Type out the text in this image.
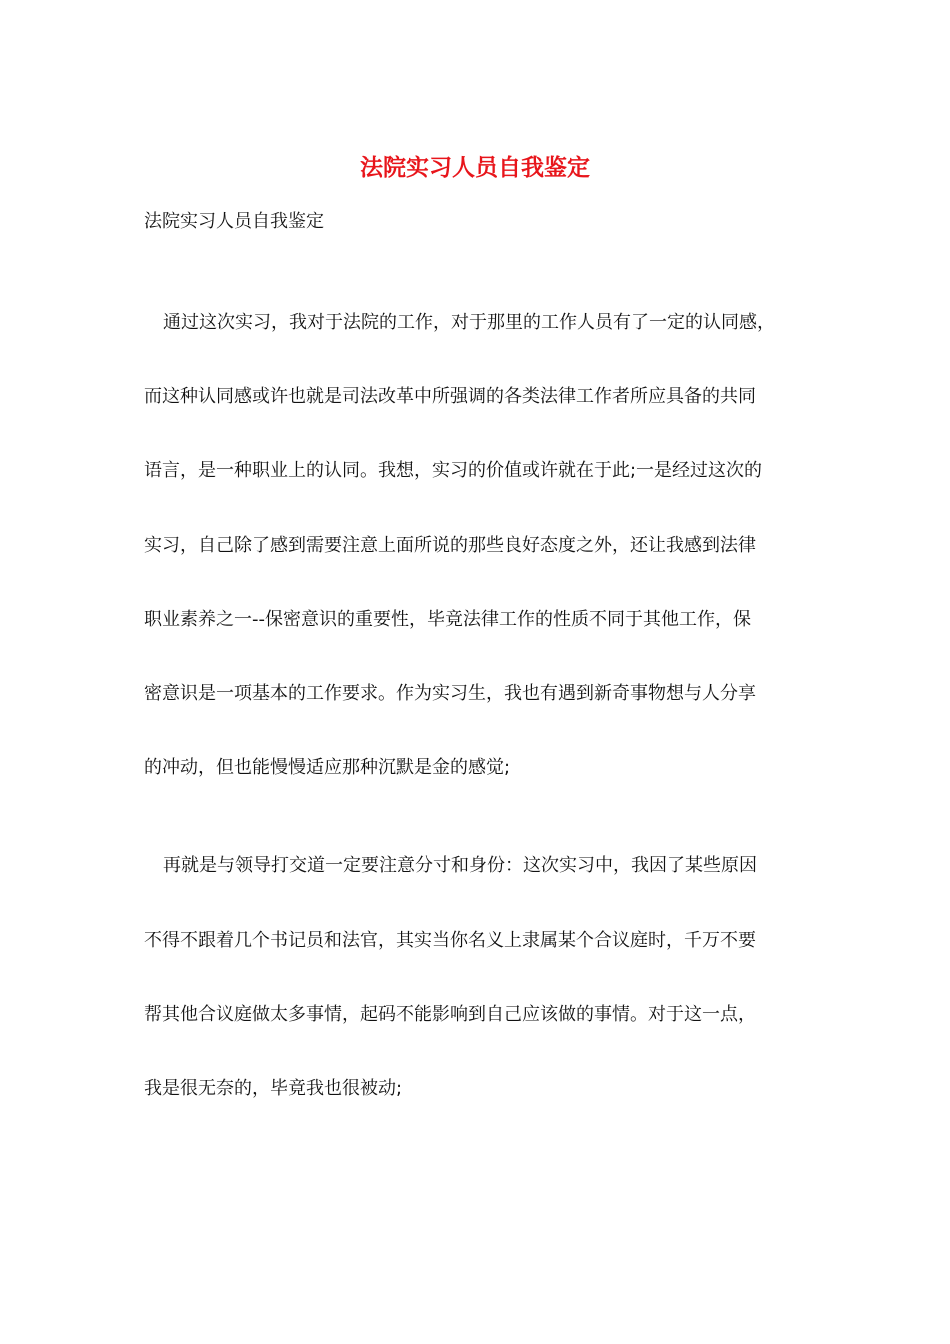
法院实习人员自我鉴定

法院实习人员自我鉴定

通过这次实习，我对于法院的工作，对于那里的工作人员有了一定的认同感，

而这种认同感或许也就是司法改革中所强调的各类法律工作者所应具备的共同

语言，是一种职业上的认同。我想，实习的价值或许就在于此;一是经过这次的

实习，自己除了感到需要注意上面所说的那些良好态度之外，还让我感到法律

职业素养之一--保密意识的重要性，毕竟法律工作的性质不同于其他工作，保

密意识是一项基本的工作要求。作为实习生，我也有遇到新奇事物想与人分享

的冲动，但也能慢慢适应那种沉默是金的感觉;

再就是与领导打交道一定要注意分寸和身份：这次实习中，我因了某些原因

不得不跟着几个书记员和法官，其实当你名义上隶属某个合议庭时，千万不要

帮其他合议庭做太多事情，起码不能影响到自己应该做的事情。对于这一点，

我是很无奈的，毕竟我也很被动;
